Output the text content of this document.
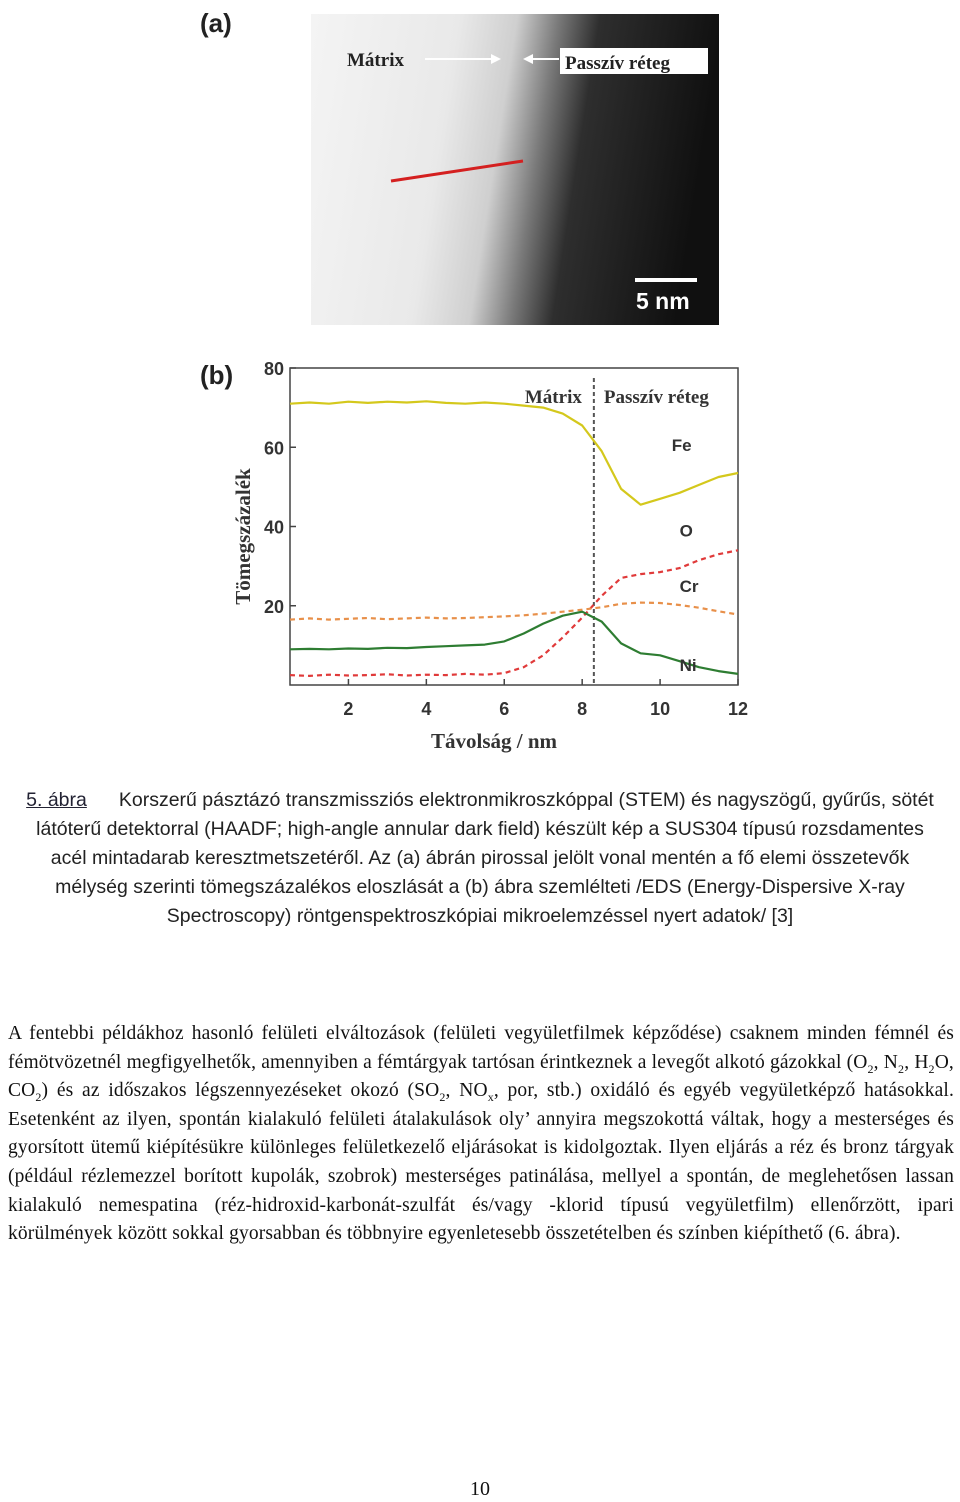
(a)
Mátrix	Passzív réteg
5 nm
(b)
2	4	6	8	10	12
20
40
60
80
Mátrix Passzív réteg
Távolság / nm
Tömegszázalék
Fe
O
Cr
Ni
5. ábra Korszerű pásztázó transzmissziós elektronmikroszkóppal (STEM) és nagyszögű, gyűrűs, sötét látóterű detektorral (HAADF; high-angle annular dark field) készült kép a SUS304 típusú rozsdamentes acél mintadarab keresztmetszetéről. Az (a) ábrán pirossal jelölt vonal mentén a fő elemi összetevők mélység szerinti tömegszázalékos eloszlását a (b) ábra szemlélteti /EDS (Energy-Dispersive X-ray Spectroscopy) röntgenspektroszkópiai mikroelemzéssel nyert adatok/ [3]
A fentebbi példákhoz hasonló felületi elváltozások (felületi vegyületfilmek képződése) csaknem minden fémnél és fémötvözetnél megfigyelhetők, amennyiben a fémtárgyak tartósan érintkeznek a levegőt alkotó gázokkal ($O_2$, $N_2$, $H_2O$, $CO_2$) és az időszakos légszennyezéseket okozó ($SO_2$, $NO_x$, por, stb.) oxidáló és egyéb vegyületképző hatásokkal. Esetenként az ilyen, spontán kialakuló felületi átalakulások oly’ annyira megszokottá váltak, hogy a mesterséges és gyorsított ütemű kiépítésükre különleges felületkezelő eljárásokat is kidolgoztak. Ilyen eljárás a réz és bronz tárgyak (például rézlemezzel borított kupolák, szobrok) mesterséges patinálása, mellyel a spontán, de meglehetősen lassan kialakuló nemespatina (réz-hidroxid-karbonát-szulfát és/vagy -klorid típusú vegyületfilm) ellenőrzött, ipari körülmények között sokkal gyorsabban és többnyire egyenletesebb összetételben és színben kiépíthető (6. ábra).
10
